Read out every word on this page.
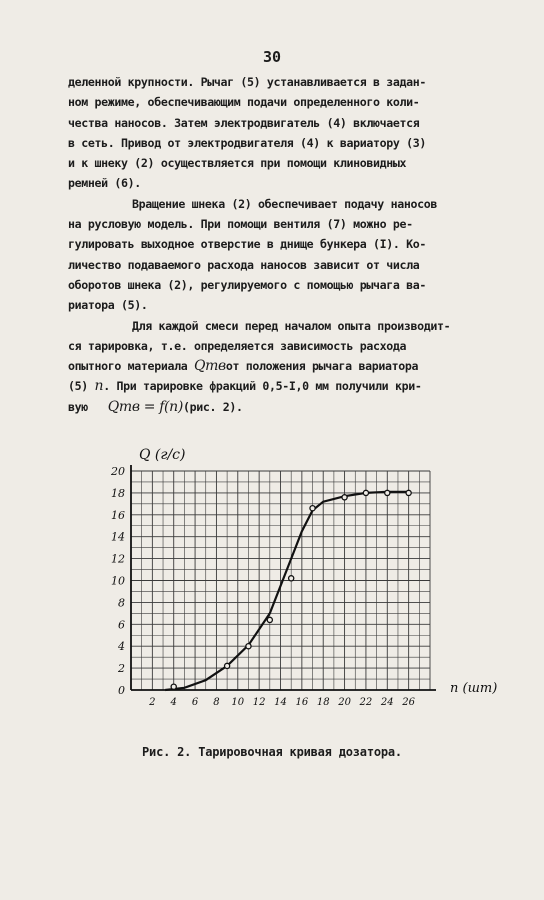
30
деленной крупности. Рычаг (5) устанавливается в задан-
ном режиме, обеспечивающим подачи определенного коли-
чества наносов. Затем электродвигатель (4) включается
в сеть. Привод от электродвигателя (4) к вариатору (3)
и к шнеку (2) осуществляется при помощи клиновидных
ремней (6).
Вращение шнека (2) обеспечивает подачу наносов
на русловую модель. При помощи вентиля (7) можно ре-
гулировать выходное отверстие в днище бункера (I). Ко-
личество подаваемого расхода наносов зависит от числа
оборотов шнека (2), регулируемого с помощью рычага ва-
риатора (5).
Для каждой смеси перед началом опыта производит-
ся тарировка, т.е. определяется зависимость расхода
опытного материала Qтвот положения рычага вариатора
(5) n. При тарировке фракций 0,5-I,0 мм получили кри-
вую Qтв = f(n)(рис. 2).
2 4 6 8 10 12 14 16 18 20 22 24 26
0
2
4
6
8
10
12
14
16
18
20
Q (г/с)
n (шт)
Рис. 2. Тарировочная кривая дозатора.
